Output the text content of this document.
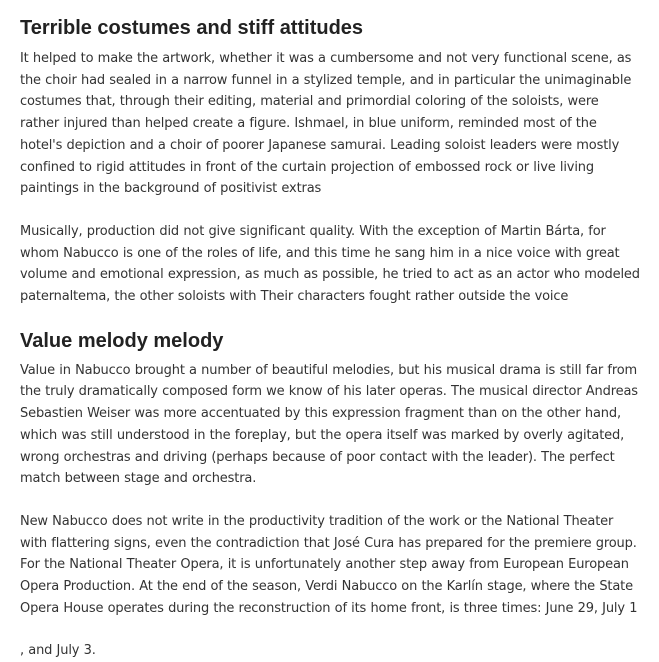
Terrible costumes and stiff attitudes

It helped to make the artwork, whether it was a cumbersome and not very functional scene, as the choir had sealed in a narrow funnel in a stylized temple, and in particular the unimaginable costumes that, through their editing, material and primordial coloring of the soloists, were rather injured than helped create a figure. Ishmael, in blue uniform, reminded most of the hotel's depiction and a choir of poorer Japanese samurai. Leading soloist leaders were mostly confined to rigid attitudes in front of the curtain projection of embossed rock or live living paintings in the background of positivist extras

Musically, production did not give significant quality. With the exception of Martin Bárta, for whom Nabucco is one of the roles of life, and this time he sang him in a nice voice with great volume and emotional expression, as much as possible, he tried to act as an actor who modeled paternaltema, the other soloists with Their characters fought rather outside the voice

Value melody melody

Value in Nabucco brought a number of beautiful melodies, but his musical drama is still far from the truly dramatically composed form we know of his later operas. The musical director Andreas Sebastien Weiser was more accentuated by this expression fragment than on the other hand, which was still understood in the foreplay, but the opera itself was marked by overly agitated, wrong orchestras and driving (perhaps because of poor contact with the leader). The perfect match between stage and orchestra.

New Nabucco does not write in the productivity tradition of the work or the National Theater with flattering signs, even the contradiction that José Cura has prepared for the premiere group. For the National Theater Opera, it is unfortunately another step away from European European Opera Production. At the end of the season, Verdi Nabucco on the Karlín stage, where the State Opera House operates during the reconstruction of its home front, is three times: June 29, July 1

, and July 3.
